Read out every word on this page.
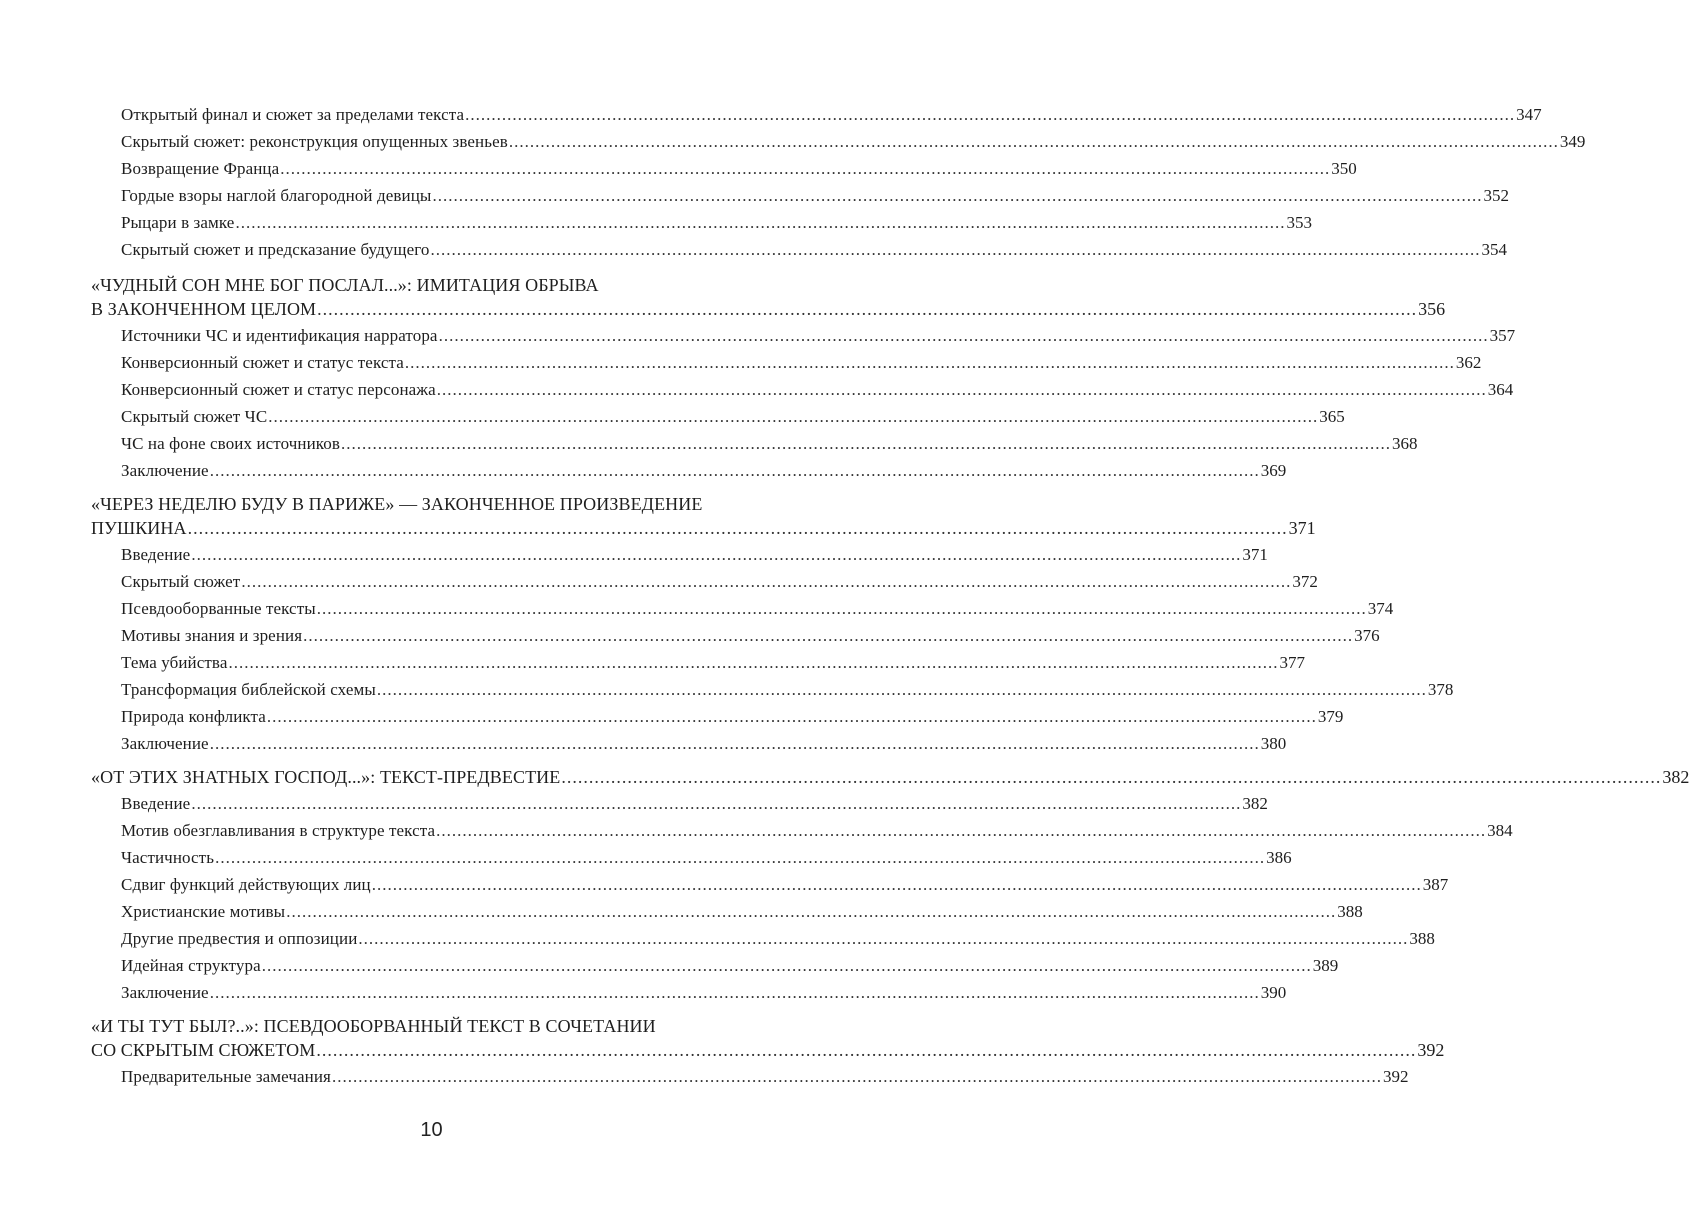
Открытый финал и сюжет за пределами текста ........................................................................................................................................................................................................ 347
Скрытый сюжет: реконструкция опущенных звеньев ........................................................................................................................................................................................................ 349
Возвращение Франца ........................................................................................................................................................................................................ 350
Гордые взоры наглой благородной девицы ........................................................................................................................................................................................................ 352
Рыцари в замке ........................................................................................................................................................................................................ 353
Скрытый сюжет и предсказание будущего ........................................................................................................................................................................................................ 354
«ЧУДНЫЙ СОН МНЕ БОГ ПОСЛАЛ...»: ИМИТАЦИЯ ОБРЫВА
В ЗАКОНЧЕННОМ ЦЕЛОМ ........................................................................................................................................................................................................ 356
Источники ЧС и идентификация нарратора ........................................................................................................................................................................................................ 357
Конверсионный сюжет и статус текста ........................................................................................................................................................................................................ 362
Конверсионный сюжет и статус персонажа ........................................................................................................................................................................................................ 364
Скрытый сюжет ЧС ........................................................................................................................................................................................................ 365
ЧС на фоне своих источников ........................................................................................................................................................................................................ 368
Заключение ........................................................................................................................................................................................................ 369
«ЧЕРЕЗ НЕДЕЛЮ БУДУ В ПАРИЖЕ» — ЗАКОНЧЕННОЕ ПРОИЗВЕДЕНИЕ
ПУШКИНА ........................................................................................................................................................................................................ 371
Введение ........................................................................................................................................................................................................ 371
Скрытый сюжет ........................................................................................................................................................................................................ 372
Псевдооборванные тексты ........................................................................................................................................................................................................ 374
Мотивы знания и зрения ........................................................................................................................................................................................................ 376
Тема убийства ........................................................................................................................................................................................................ 377
Трансформация библейской схемы ........................................................................................................................................................................................................ 378
Природа конфликта ........................................................................................................................................................................................................ 379
Заключение ........................................................................................................................................................................................................ 380
«ОТ ЭТИХ ЗНАТНЫХ ГОСПОД...»: ТЕКСТ-ПРЕДВЕСТИЕ ........................................................................................................................................................................................................ 382
Введение ........................................................................................................................................................................................................ 382
Мотив обезглавливания в структуре текста ........................................................................................................................................................................................................ 384
Частичность ........................................................................................................................................................................................................ 386
Сдвиг функций действующих лиц ........................................................................................................................................................................................................ 387
Христианские мотивы ........................................................................................................................................................................................................ 388
Другие предвестия и оппозиции ........................................................................................................................................................................................................ 388
Идейная структура ........................................................................................................................................................................................................ 389
Заключение ........................................................................................................................................................................................................ 390
«И ТЫ ТУТ БЫЛ?..»: ПСЕВДООБОРВАННЫЙ ТЕКСТ В СОЧЕТАНИИ
СО СКРЫТЫМ СЮЖЕТОМ ........................................................................................................................................................................................................ 392
Предварительные замечания ........................................................................................................................................................................................................ 392
10
